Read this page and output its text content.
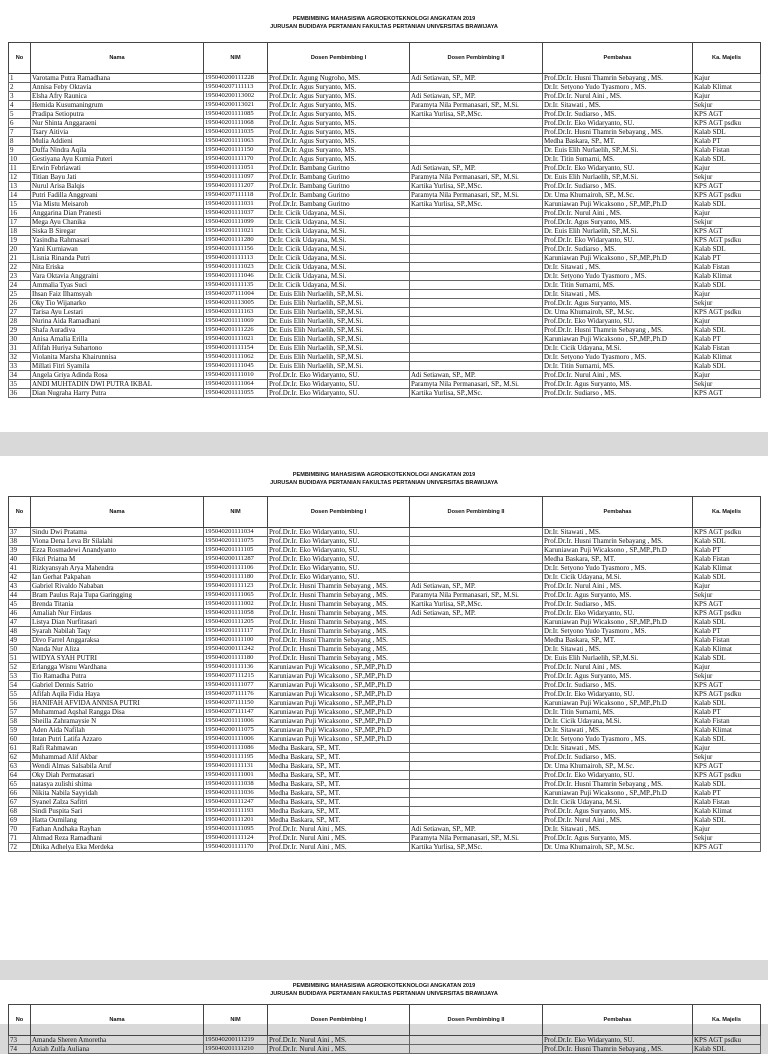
PEMBIMBING MAHASISWA AGROEKOTEKNOLOGI ANGKATAN 2019
JURUSAN BUDIDAYA PERTANIAN FAKULTAS PERTANIAN UNIVERSITAS BRAWIJAYA
No	Nama	NIM	Dosen Pembimbing I	Dosen Pembimbing II	Pembahas	Ka. Majelis
1	Varotama Putra Ramadhana	195040200111228	Prof.Dr.Ir. Agung Nugroho, MS.	Adi Setiawan, SP., MP.	Prof.Dr.Ir. Husni Thamrin Sebayang , MS.	Kajur
2	Annisa Feby Oktavia	195040207111113	Prof.Dr.Ir. Agus Suryanto, MS.		Dr.Ir. Setyono Yudo Tyasmoro , MS.	Kalab Klimat
3	Elsha Afry Raunica	195040200113002	Prof.Dr.Ir. Agus Suryanto, MS.	Adi Setiawan, SP., MP.	Prof.Dr.Ir. Nurul Aini , MS.	Kajur
4	Hemida Kusumaningrum	195040200113021	Prof.Dr.Ir. Agus Suryanto, MS.	Paramyta Nila Permanasari, SP., M.Si.	Dr.Ir. Sitawati , MS.	Sekjur
5	Pradipa Setioputra	195040201111085	Prof.Dr.Ir. Agus Suryanto, MS.	Kartika Yurlisa, SP.,MSc.	Prof.Dr.Ir. Sudiarso , MS.	KPS AGT
6	Nur Shinta Anggaraeni	195040201111068	Prof.Dr.Ir. Agus Suryanto, MS.		Prof.Dr.Ir. Eko Widaryanto, SU.	KPS AGT psdku
7	Tsary Aitivia	195040201111035	Prof.Dr.Ir. Agus Suryanto, MS.		Prof.Dr.Ir. Husni Thamrin Sebayang , MS.	Kalab SDL
8	Mulia Addieni	195040201111063	Prof.Dr.Ir. Agus Suryanto, MS.		Medha Baskara, SP., MT.	Kalab PT
9	Duffa Nindra Aqila	195040201111150	Prof.Dr.Ir. Agus Suryanto, MS.		Dr. Euis Elih Nurlaelih, SP.,M.Si.	Kalab Fistan
10	Gestiyana Ayu Kurnia Puteri	195040201111170	Prof.Dr.Ir. Agus Suryanto, MS.		Dr.Ir. Titin Sumarni, MS.	Kalab SDL
11	Erwin Febriawati	195040201111051	Prof.Dr.Ir. Bambang Guritno	Adi Setiawan, SP., MP.	Prof.Dr.Ir. Eko Widaryanto, SU.	Kajur
12	Titian Bayu Jati	195040201111097	Prof.Dr.Ir. Bambang Guritno	Paramyta Nila Permanasari, SP., M.Si.	Dr. Euis Elih Nurlaelih, SP.,M.Si.	Sekjur
13	Nurul Arisa Balqis	195040201111207	Prof.Dr.Ir. Bambang Guritno	Kartika Yurlisa, SP.,MSc.	Prof.Dr.Ir. Sudiarso , MS.	KPS AGT
14	Putri Fadilla Anggreani	195040207111118	Prof.Dr.Ir. Bambang Guritno	Paramyta Nila Permanasari, SP., M.Si.	Dr. Uma Khumairoh, SP., M.Sc.	KPS AGT psdku
15	Via Mistu Meisaroh	195040201111031	Prof.Dr.Ir. Bambang Guritno	Kartika Yurlisa, SP.,MSc.	Karuniawan Puji Wicaksono , SP.,MP.,Ph.D	Kalab SDL
16	Anggarina Dian Pranesti	195040201111037	Dr.Ir. Cicik Udayana, M.Si.		Prof.Dr.Ir. Nurul Aini , MS.	Kajur
17	Mega Ayu Chanika	195040201111099	Dr.Ir. Cicik Udayana, M.Si.		Prof.Dr.Ir. Agus Suryanto, MS.	Sekjur
18	Siska B Siregar	195040201111021	Dr.Ir. Cicik Udayana, M.Si.		Dr. Euis Elih Nurlaelih, SP.,M.Si.	KPS AGT
19	Yasindha Rahmasari	195040201111280	Dr.Ir. Cicik Udayana, M.Si.		Prof.Dr.Ir. Eko Widaryanto, SU.	KPS AGT psdku
20	Yani Kurniawan	195040201111156	Dr.Ir. Cicik Udayana, M.Si.		Prof.Dr.Ir. Sudiarso , MS.	Kalab SDL
21	Lisnia Rinanda Putri	195040201111113	Dr.Ir. Cicik Udayana, M.Si.		Karuniawan Puji Wicaksono , SP.,MP.,Ph.D	Kalab PT
22	Nita Eriska	195040201111023	Dr.Ir. Cicik Udayana, M.Si.		Dr.Ir. Sitawati , MS.	Kalab Fistan
23	Vara Oktavia Anggraini	195040201111046	Dr.Ir. Cicik Udayana, M.Si.		Dr.Ir. Setyono Yudo Tyasmoro , MS.	Kalab Klimat
24	Ammalia Tyas Suci	195040201111135	Dr.Ir. Cicik Udayana, M.Si.		Dr.Ir. Titin Sumarni, MS.	Kalab SDL
25	Ihsan Faiz Ilhamsyah	195040207111004	Dr. Euis Elih Nurlaelih, SP.,M.Si.		Dr.Ir. Sitawati , MS.	Kajur
26	Oky Tio Wijanarko	195040201113005	Dr. Euis Elih Nurlaelih, SP.,M.Si.		Prof.Dr.Ir. Agus Suryanto, MS.	Sekjur
27	Tarisa Ayu Lestari	195040201111163	Dr. Euis Elih Nurlaelih, SP.,M.Si.		Dr. Uma Khumairoh, SP., M.Sc.	KPS AGT psdku
28	Nurina Aida Ramadhani	195040201111069	Dr. Euis Elih Nurlaelih, SP.,M.Si.		Prof.Dr.Ir. Eko Widaryanto, SU.	Kajur
29	Shafa Auradiva	195040201111226	Dr. Euis Elih Nurlaelih, SP.,M.Si.		Prof.Dr.Ir. Husni Thamrin Sebayang , MS.	Kalab SDL
30	Anisa Amalia Erilla	195040201111021	Dr. Euis Elih Nurlaelih, SP.,M.Si.		Karuniawan Puji Wicaksono , SP.,MP.,Ph.D	Kalab PT
31	Afifah Huriya Suhartono	195040201111154	Dr. Euis Elih Nurlaelih, SP.,M.Si.		Dr.Ir. Cicik Udayana, M.Si.	Kalab Fistan
32	Violanita Marsha Khairunnisa	195040201111062	Dr. Euis Elih Nurlaelih, SP.,M.Si.		Dr.Ir. Setyono Yudo Tyasmoro , MS.	Kalab Klimat
33	Millati Fitri Syamila	195040201111045	Dr. Euis Elih Nurlaelih, SP.,M.Si.		Dr.Ir. Titin Sumarni, MS.	Kalab SDL
34	Angela Griya Adinda Rosa	195040201111010	Prof.Dr.Ir. Eko Widaryanto, SU.	Adi Setiawan, SP., MP.	Prof.Dr.Ir. Nurul Aini , MS.	Kajur
35	ANDI MUHTADIN DWI PUTRA IKBAL	195040201111064	Prof.Dr.Ir. Eko Widaryanto, SU.	Paramyta Nila Permanasari, SP., M.Si.	Prof.Dr.Ir. Agus Suryanto, MS.	Sekjur
36	Dian Nugraha Harry Putra	195040201111055	Prof.Dr.Ir. Eko Widaryanto, SU.	Kartika Yurlisa, SP.,MSc.	Prof.Dr.Ir. Sudiarso , MS.	KPS AGT
PEMBIMBING MAHASISWA AGROEKOTEKNOLOGI ANGKATAN 2019
JURUSAN BUDIDAYA PERTANIAN FAKULTAS PERTANIAN UNIVERSITAS BRAWIJAYA
No	Nama	NIM	Dosen Pembimbing I	Dosen Pembimbing II	Pembahas	Ka. Majelis
37	Sindu Dwi Pratama	195040201111034	Prof.Dr.Ir. Eko Widaryanto, SU.		Dr.Ir. Sitawati , MS.	KPS AGT psdku
38	Viona Dena Leva Br Silalahi	195040201111075	Prof.Dr.Ir. Eko Widaryanto, SU.		Prof.Dr.Ir. Husni Thamrin Sebayang , MS.	Kalab SDL
39	Ezza Rosmadewi Anandyanto	195040201111105	Prof.Dr.Ir. Eko Widaryanto, SU.		Karuniawan Puji Wicaksono , SP.,MP.,Ph.D	Kalab PT
40	Fikri Priatna M	195040200111287	Prof.Dr.Ir. Eko Widaryanto, SU.		Medha Baskara, SP., MT.	Kalab Fistan
41	Rizkyansyah Arya Mahendra	195040201111106	Prof.Dr.Ir. Eko Widaryanto, SU.		Dr.Ir. Setyono Yudo Tyasmoro , MS.	Kalab Klimat
42	Ian Gerhat Pakpahan	195040201111180	Prof.Dr.Ir. Eko Widaryanto, SU.		Dr.Ir. Cicik Udayana, M.Si.	Kalab SDL
43	Gabriel Rivaldo Nababan	195040201111123	Prof.Dr.Ir. Husni Thamrin Sebayang , MS.	Adi Setiawan, SP., MP.	Prof.Dr.Ir. Nurul Aini , MS.	Kajur
44	Bram Paulus Raja Tupa Garingging	195040201111065	Prof.Dr.Ir. Husni Thamrin Sebayang , MS.	Paramyta Nila Permanasari, SP., M.Si.	Prof.Dr.Ir. Agus Suryanto, MS.	Sekjur
45	Brenda Titania	195040201111002	Prof.Dr.Ir. Husni Thamrin Sebayang , MS.	Kartika Yurlisa, SP.,MSc.	Prof.Dr.Ir. Sudiarso , MS.	KPS AGT
46	Amaliah Nur Firdaus	195040201111058	Prof.Dr.Ir. Husni Thamrin Sebayang , MS.	Adi Setiawan, SP., MP.	Prof.Dr.Ir. Eko Widaryanto, SU.	KPS AGT psdku
47	Listya Dian Nurfitasari	195040201111205	Prof.Dr.Ir. Husni Thamrin Sebayang , MS.		Karuniawan Puji Wicaksono , SP.,MP.,Ph.D	Kalab SDL
48	Syarah Nabilah Taqy	195040201111117	Prof.Dr.Ir. Husni Thamrin Sebayang , MS.		Dr.Ir. Setyono Yudo Tyasmoro , MS.	Kalab PT
49	Divo Farrel Anggaraksa	195040201111100	Prof.Dr.Ir. Husni Thamrin Sebayang , MS.		Medha Baskara, SP., MT.	Kalab Fistan
50	Nanda Nur Aliza	195040200111242	Prof.Dr.Ir. Husni Thamrin Sebayang , MS.		Dr.Ir. Sitawati , MS.	Kalab Klimat
51	WIDYA SYAH PUTRI	195040201111180	Prof.Dr.Ir. Husni Thamrin Sebayang , MS.		Dr. Euis Elih Nurlaelih, SP.,M.Si.	Kalab SDL
52	Erlangga Wisnu Wardhana	195040201111136	Karuniawan Puji Wicaksono , SP.,MP.,Ph.D		Prof.Dr.Ir. Nurul Aini , MS.	Kajur
53	Tio Ramadha Putra	195040207111215	Karuniawan Puji Wicaksono , SP.,MP.,Ph.D		Prof.Dr.Ir. Agus Suryanto, MS.	Sekjur
54	Gabriel Dennis Satrio	195040201111077	Karuniawan Puji Wicaksono , SP.,MP.,Ph.D		Prof.Dr.Ir. Sudiarso , MS.	KPS AGT
55	Afifah Aqila Fidia Haya	195040207111176	Karuniawan Puji Wicaksono , SP.,MP.,Ph.D		Prof.Dr.Ir. Eko Widaryanto, SU.	KPS AGT psdku
56	HANIFAH AFVIDA ANNISA PUTRI	195040207111150	Karuniawan Puji Wicaksono , SP.,MP.,Ph.D		Karuniawan Puji Wicaksono , SP.,MP.,Ph.D	Kalab SDL
57	Muhammad Aqshal Rangga Disa	195040207111147	Karuniawan Puji Wicaksono , SP.,MP.,Ph.D		Dr.Ir. Titin Sumarni, MS.	Kalab PT
58	Sheilla Zahramaysie N	195040201111006	Karuniawan Puji Wicaksono , SP.,MP.,Ph.D		Dr.Ir. Cicik Udayana, M.Si.	Kalab Fistan
59	Aden Aida Nafilah	195040200111075	Karuniawan Puji Wicaksono , SP.,MP.,Ph.D		Dr.Ir. Sitawati , MS.	Kalab Klimat
60	Intan Putri Latifa Azzaro	195040201111006	Karuniawan Puji Wicaksono , SP.,MP.,Ph.D		Dr.Ir. Setyono Yudo Tyasmoro , MS.	Kalab SDL
61	Rafi Rahmawan	195040201111086	Medha Baskara, SP., MT.		Dr.Ir. Sitawati , MS.	Kajur
62	Muhammad Alif Akbar	195040201111195	Medha Baskara, SP., MT.		Prof.Dr.Ir. Sudiarso , MS.	Sekjur
63	Wendi Almas Salsabila Aruf	195040201111131	Medha Baskara, SP., MT.		Dr. Uma Khumairoh, SP., M.Sc.	KPS AGT
64	Oky Diah Permatasari	195040201111001	Medha Baskara, SP., MT.		Prof.Dr.Ir. Eko Widaryanto, SU.	KPS AGT psdku
65	natasya zulishi shima	195040201111038	Medha Baskara, SP., MT.		Prof.Dr.Ir. Husni Thamrin Sebayang , MS.	Kalab SDL
66	Nikita Nabila Sayyidah	195040201111036	Medha Baskara, SP., MT.		Karuniawan Puji Wicaksono , SP.,MP.,Ph.D	Kalab PT
67	Syanel Zalza Safitri	195040201111247	Medha Baskara, SP., MT.		Dr.Ir. Cicik Udayana, M.Si.	Kalab Fistan
68	Sindi Puspita Sari	195040201111193	Medha Baskara, SP., MT.		Prof.Dr.Ir. Agus Suryanto, MS.	Kalab Klimat
69	Hatta Oumilang	195040201111201	Medha Baskara, SP., MT.		Prof.Dr.Ir. Nurul Aini , MS.	Kalab SDL
70	Fathan Andhaka Rayhan	195040201111095	Prof.Dr.Ir. Nurul Aini , MS.	Adi Setiawan, SP., MP.	Dr.Ir. Sitawati , MS.	Kajur
71	Ahmad Reza Ramadhani	195040201111124	Prof.Dr.Ir. Nurul Aini , MS.	Paramyta Nila Permanasari, SP., M.Si.	Prof.Dr.Ir. Agus Suryanto, MS.	Sekjur
72	Dhika Adhelya Eka Merdeka	195040201111170	Prof.Dr.Ir. Nurul Aini , MS.	Kartika Yurlisa, SP.,MSc.	Dr. Uma Khumairoh, SP., M.Sc.	KPS AGT
PEMBIMBING MAHASISWA AGROEKOTEKNOLOGI ANGKATAN 2019
JURUSAN BUDIDAYA PERTANIAN FAKULTAS PERTANIAN UNIVERSITAS BRAWIJAYA
No	Nama	NIM	Dosen Pembimbing I	Dosen Pembimbing II	Pembahas	Ka. Majelis
73	Amanda Sheren Amoretha	195040200111219	Prof.Dr.Ir. Nurul Aini , MS.		Prof.Dr.Ir. Eko Widaryanto, SU.	KPS AGT psdku
74	Aziah Zulfa Auliana	195040201111210	Prof.Dr.Ir. Nurul Aini , MS.		Prof.Dr.Ir. Husni Thamrin Sebayang , MS.	Kalab SDL
